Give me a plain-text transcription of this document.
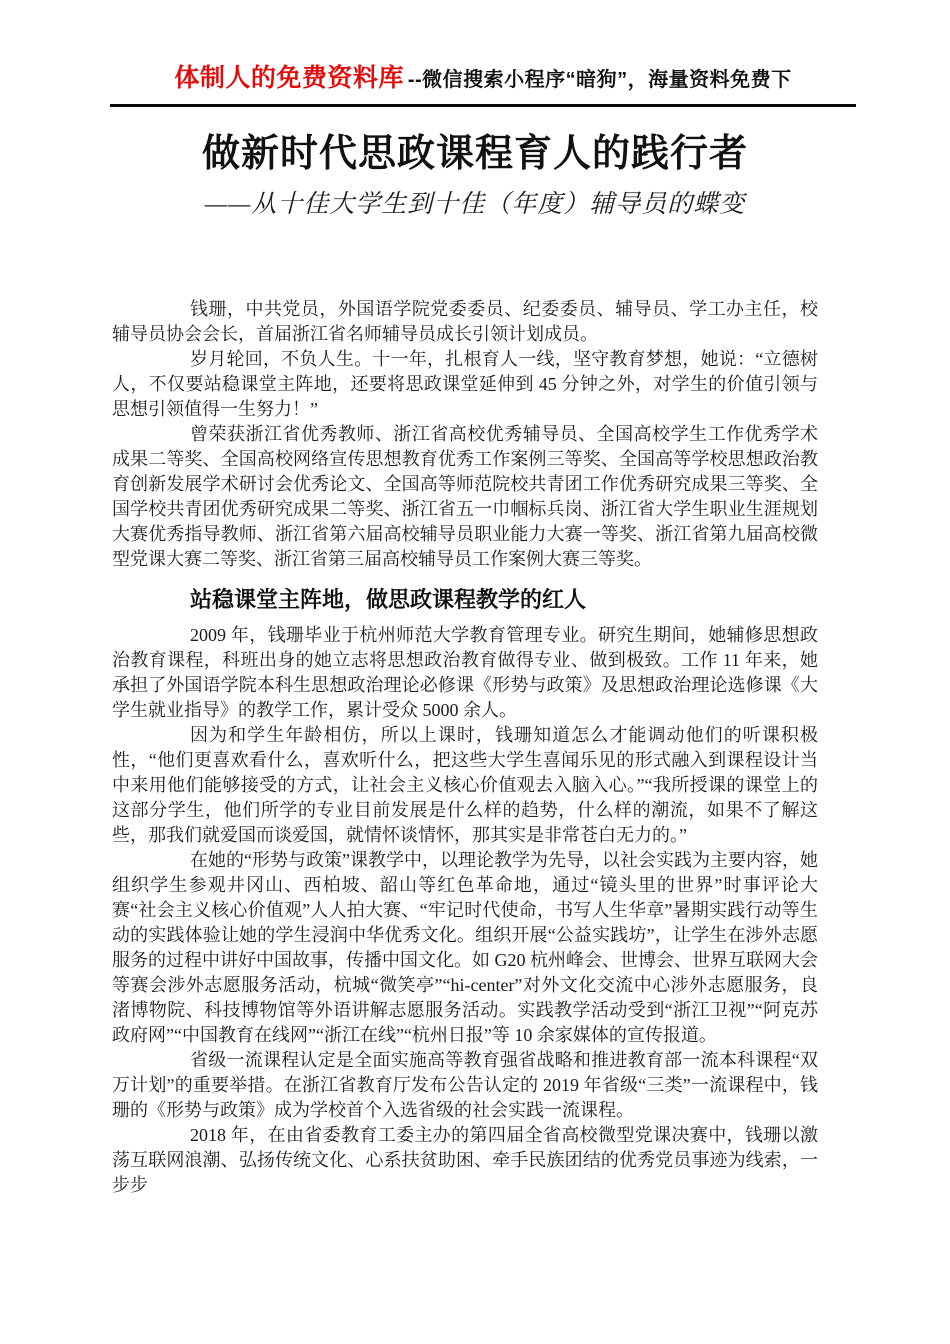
体制人的免费资料库 --微信搜索小程序“暗狗”，海量资料免费下
做新时代思政课程育人的践行者
——从十佳大学生到十佳（年度）辅导员的蝶变

钱珊，中共党员，外国语学院党委委员、纪委委员、辅导员、学工办主任，校辅导员协会会长，首届浙江省名师辅导员成长引领计划成员。

岁月轮回，不负人生。十一年，扎根育人一线，坚守教育梦想，她说：“立德树人，不仅要站稳课堂主阵地，还要将思政课堂延伸到 45 分钟之外，对学生的价值引领与思想引领值得一生努力！”

曾荣获浙江省优秀教师、浙江省高校优秀辅导员、全国高校学生工作优秀学术成果二等奖、全国高校网络宣传思想教育优秀工作案例三等奖、全国高等学校思想政治教育创新发展学术研讨会优秀论文、全国高等师范院校共青团工作优秀研究成果三等奖、全国学校共青团优秀研究成果二等奖、浙江省五一巾帼标兵岗、浙江省大学生职业生涯规划大赛优秀指导教师、浙江省第六届高校辅导员职业能力大赛一等奖、浙江省第九届高校微型党课大赛二等奖、浙江省第三届高校辅导员工作案例大赛三等奖。

站稳课堂主阵地，做思政课程教学的红人

2009 年，钱珊毕业于杭州师范大学教育管理专业。研究生期间，她辅修思想政治教育课程，科班出身的她立志将思想政治教育做得专业、做到极致。工作 11 年来，她承担了外国语学院本科生思想政治理论必修课《形势与政策》及思想政治理论选修课《大学生就业指导》的教学工作，累计受众 5000 余人。

因为和学生年龄相仿，所以上课时，钱珊知道怎么才能调动他们的听课积极性，“他们更喜欢看什么，喜欢听什么，把这些大学生喜闻乐见的形式融入到课程设计当中来用他们能够接受的方式，让社会主义核心价值观去入脑入心。”“我所授课的课堂上的这部分学生，他们所学的专业目前发展是什么样的趋势，什么样的潮流，如果不了解这些，那我们就爱国而谈爱国，就情怀谈情怀，那其实是非常苍白无力的。”

在她的“形势与政策”课教学中，以理论教学为先导，以社会实践为主要内容，她组织学生参观井冈山、西柏坡、韶山等红色革命地，通过“镜头里的世界”时事评论大赛“社会主义核心价值观”人人拍大赛、“牢记时代使命，书写人生华章”暑期实践行动等生动的实践体验让她的学生浸润中华优秀文化。组织开展“公益实践坊”，让学生在涉外志愿服务的过程中讲好中国故事，传播中国文化。如 G20 杭州峰会、世博会、世界互联网大会等赛会涉外志愿服务活动，杭城“微笑亭”“hi-center”对外文化交流中心涉外志愿服务，良渚博物院、科技博物馆等外语讲解志愿服务活动。实践教学活动受到“浙江卫视”“阿克苏政府网”“中国教育在线网”“浙江在线”“杭州日报”等 10 余家媒体的宣传报道。

省级一流课程认定是全面实施高等教育强省战略和推进教育部一流本科课程“双万计划”的重要举措。在浙江省教育厅发布公告认定的 2019 年省级“三类”一流课程中，钱珊的《形势与政策》成为学校首个入选省级的社会实践一流课程。

2018 年，在由省委教育工委主办的第四届全省高校微型党课决赛中，钱珊以激荡互联网浪潮、弘扬传统文化、心系扶贫助困、牵手民族团结的优秀党员事迹为线索，一步步
